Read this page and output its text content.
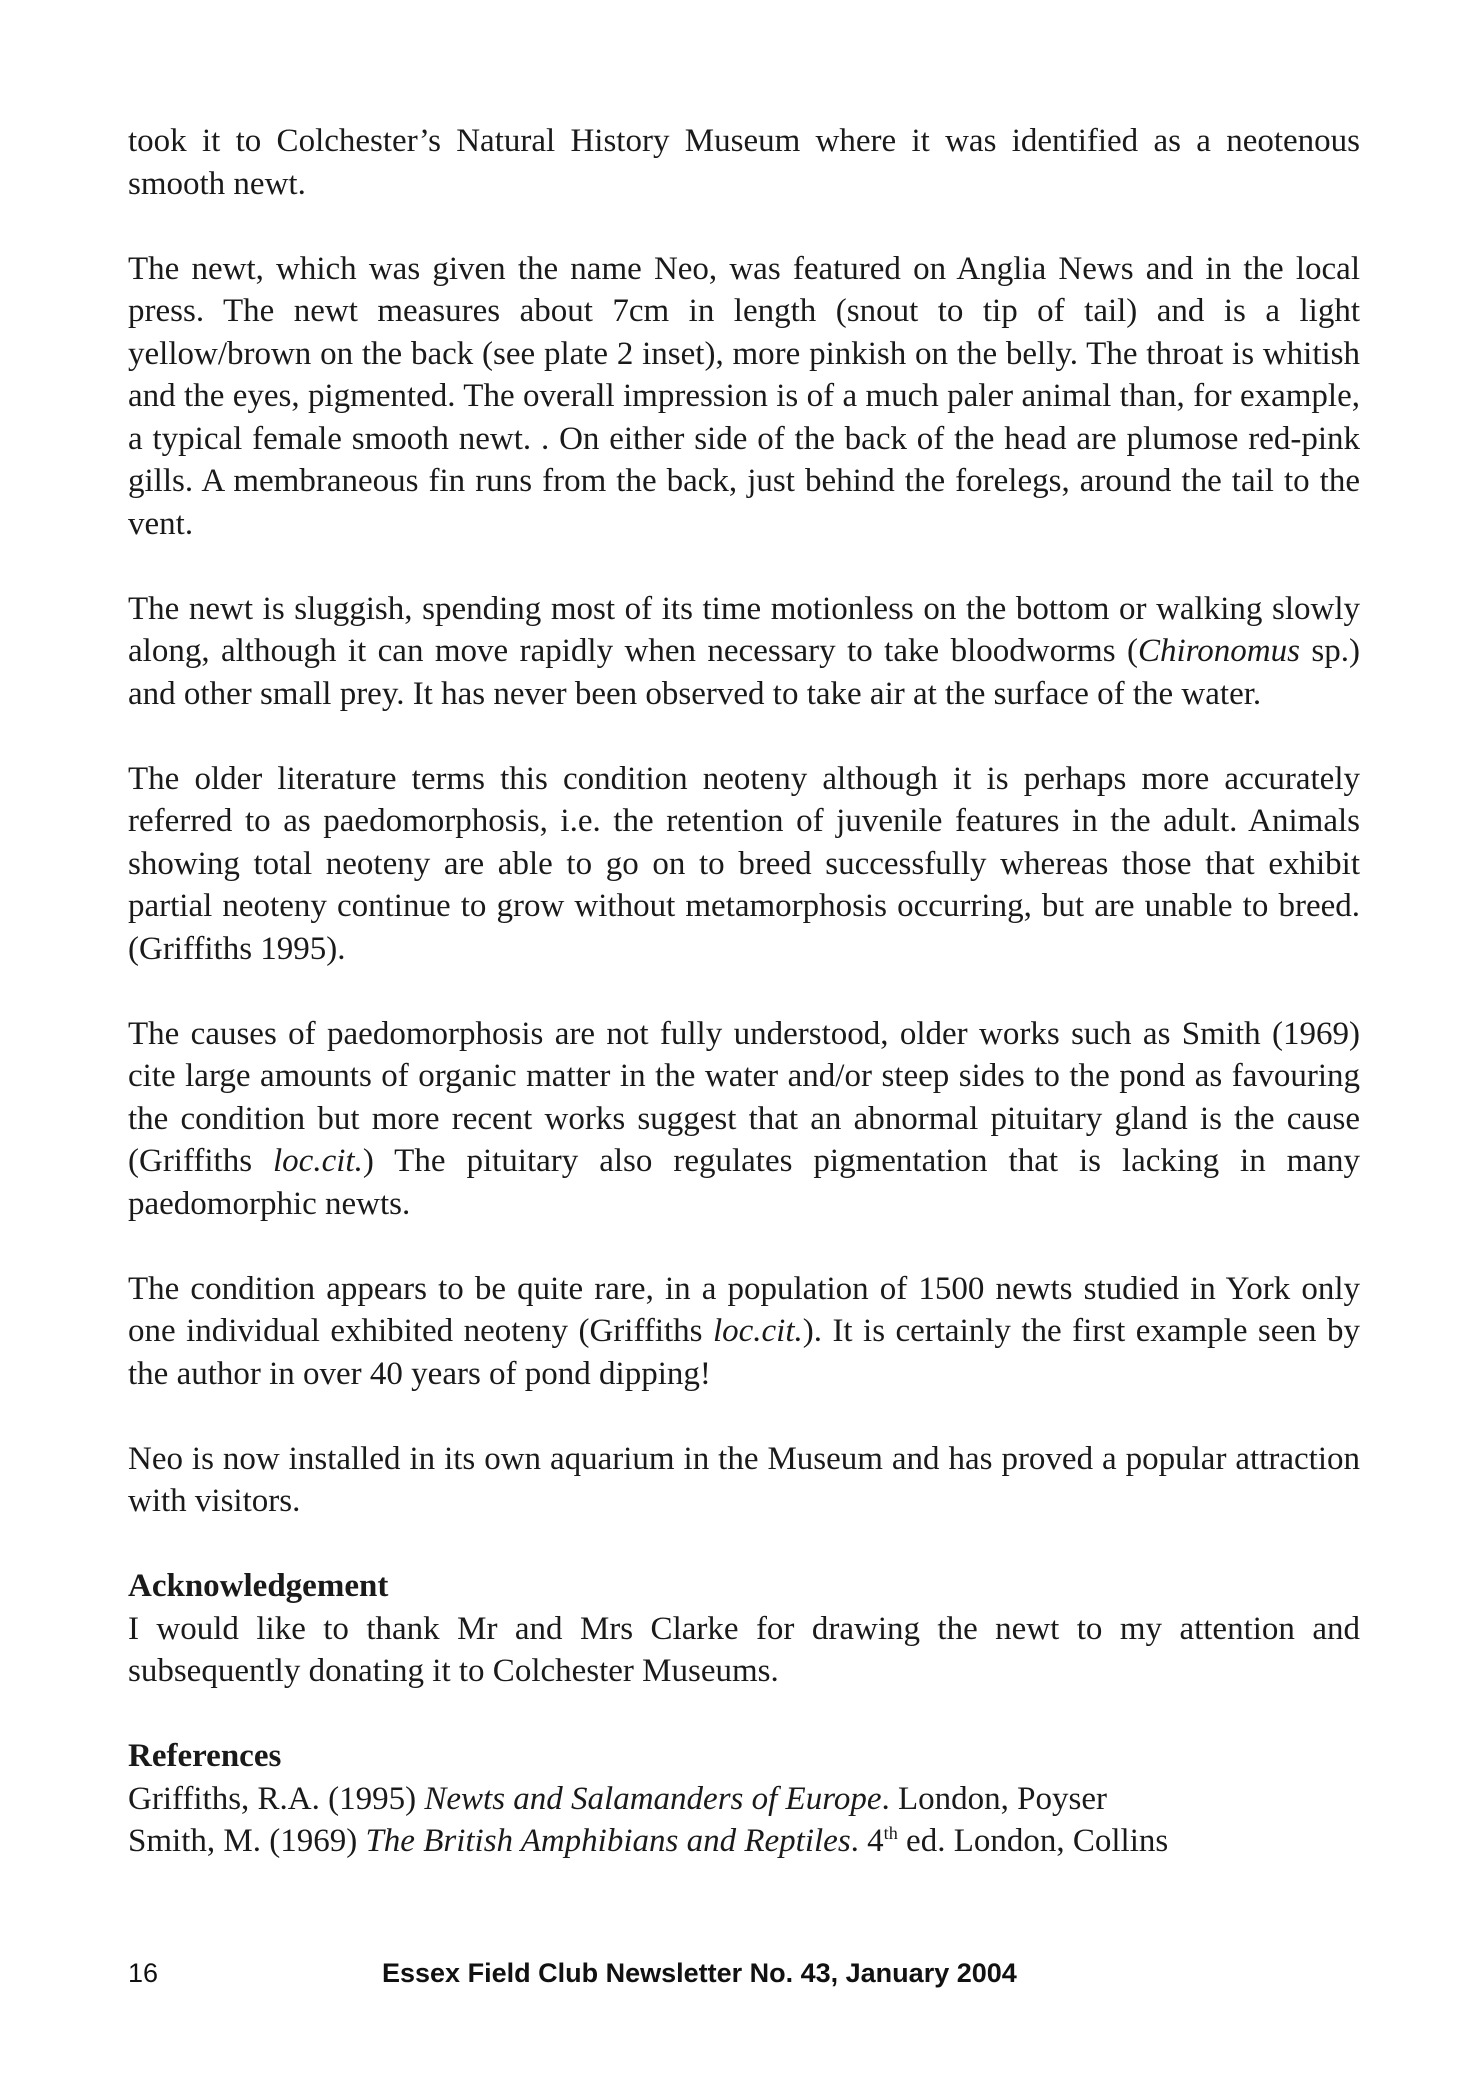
took it to Colchester’s Natural History Museum where it was identified as a neotenous smooth newt.

The newt, which was given the name Neo, was featured on Anglia News and in the local press. The newt measures about 7cm in length (snout to tip of tail) and is a light yellow/brown on the back (see plate 2 inset), more pinkish on the belly. The throat is whitish and the eyes, pigmented. The overall impression is of a much paler animal than, for example, a typical female smooth newt. . On either side of the back of the head are plumose red-pink gills. A membraneous fin runs from the back, just behind the forelegs, around the tail to the vent.

The newt is sluggish, spending most of its time motionless on the bottom or walking slowly along, although it can move rapidly when necessary to take bloodworms (Chironomus sp.) and other small prey. It has never been observed to take air at the surface of the water.

The older literature terms this condition neoteny although it is perhaps more accurately referred to as paedomorphosis, i.e. the retention of juvenile features in the adult. Animals showing total neoteny are able to go on to breed successfully whereas those that exhibit partial neoteny continue to grow without metamorphosis occurring, but are unable to breed. (Griffiths 1995).

The causes of paedomorphosis are not fully understood, older works such as Smith (1969) cite large amounts of organic matter in the water and/or steep sides to the pond as favouring the condition but more recent works suggest that an abnormal pituitary gland is the cause (Griffiths loc.cit.) The pituitary also regulates pigmentation that is lacking in many paedomorphic newts.

The condition appears to be quite rare, in a population of 1500 newts studied in York only one individual exhibited neoteny (Griffiths loc.cit.). It is certainly the first example seen by the author in over 40 years of pond dipping!

Neo is now installed in its own aquarium in the Museum and has proved a popular attraction with visitors.

Acknowledgement

I would like to thank Mr and Mrs Clarke for drawing the newt to my attention and subsequently donating it to Colchester Museums.

References

Griffiths, R.A. (1995) Newts and Salamanders of Europe. London, Poyser

Smith, M. (1969) The British Amphibians and Reptiles. 4th ed. London, Collins

16	Essex Field Club Newsletter No. 43, January 2004
